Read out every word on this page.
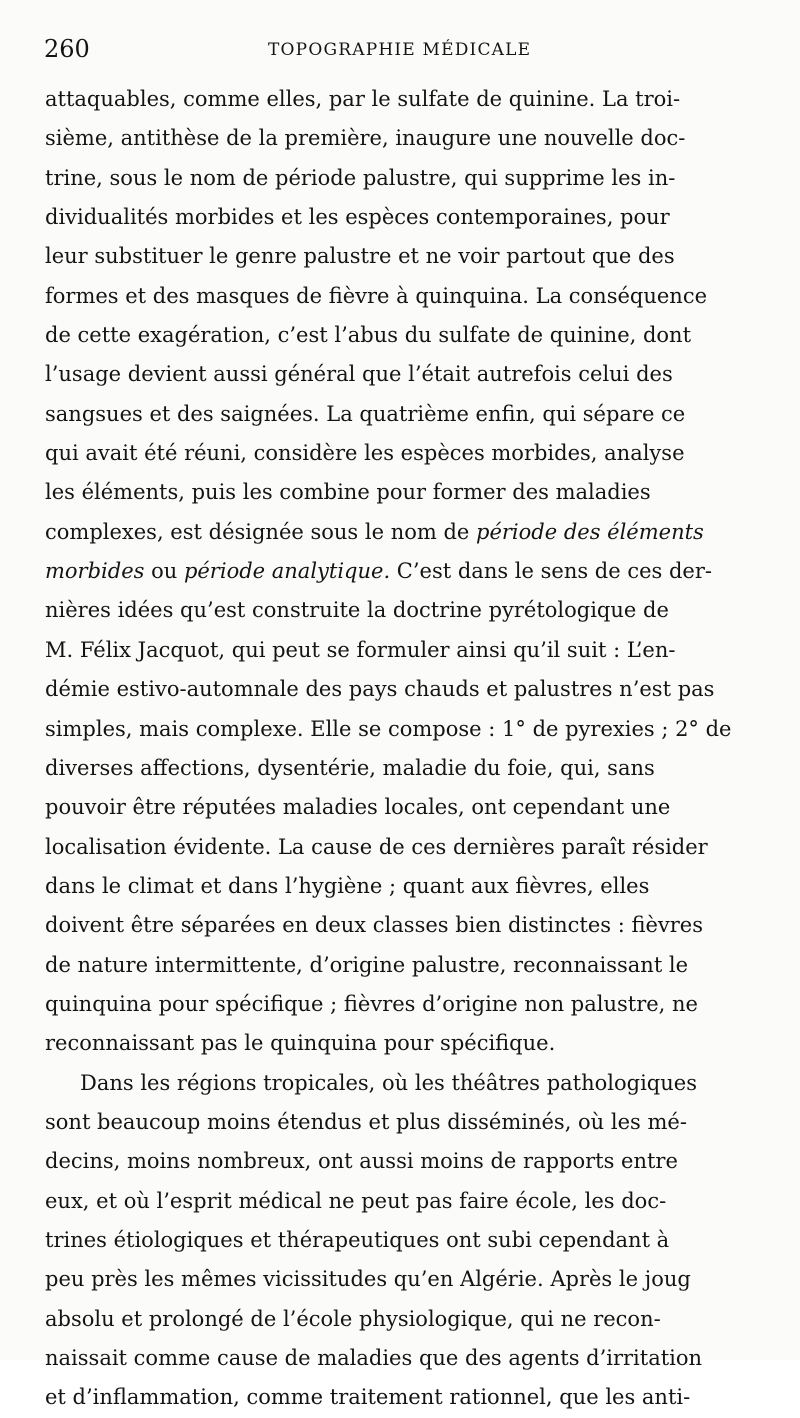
260	TOPOGRAPHIE MÉDICALE
attaquables, comme elles, par le sulfate de quinine. La troi-
sième, antithèse de la première, inaugure une nouvelle doc-
trine, sous le nom de période palustre, qui supprime les in-
dividualités morbides et les espèces contemporaines, pour
leur substituer le genre palustre et ne voir partout que des
formes et des masques de fièvre à quinquina. La conséquence
de cette exagération, c’est l’abus du sulfate de quinine, dont
l’usage devient aussi général que l’était autrefois celui des
sangsues et des saignées. La quatrième enfin, qui sépare ce
qui avait été réuni, considère les espèces morbides, analyse
les éléments, puis les combine pour former des maladies
complexes, est désignée sous le nom de période des éléments
morbides ou période analytique. C’est dans le sens de ces der-
nières idées qu’est construite la doctrine pyrétologique de
M. Félix Jacquot, qui peut se formuler ainsi qu’il suit : L’en-
démie estivo-automnale des pays chauds et palustres n’est pas
simples, mais complexe. Elle se compose : 1° de pyrexies ; 2° de
diverses affections, dysentérie, maladie du foie, qui, sans
pouvoir être réputées maladies locales, ont cependant une
localisation évidente. La cause de ces dernières paraît résider
dans le climat et dans l’hygiène ; quant aux fièvres, elles
doivent être séparées en deux classes bien distinctes : fièvres
de nature intermittente, d’origine palustre, reconnaissant le
quinquina pour spécifique ; fièvres d’origine non palustre, ne
reconnaissant pas le quinquina pour spécifique.
Dans les régions tropicales, où les théâtres pathologiques
sont beaucoup moins étendus et plus disséminés, où les mé-
decins, moins nombreux, ont aussi moins de rapports entre
eux, et où l’esprit médical ne peut pas faire école, les doc-
trines étiologiques et thérapeutiques ont subi cependant à
peu près les mêmes vicissitudes qu’en Algérie. Après le joug
absolu et prolongé de l’école physiologique, qui ne recon-
naissait comme cause de maladies que des agents d’irritation
et d’inflammation, comme traitement rationnel, que les anti-
